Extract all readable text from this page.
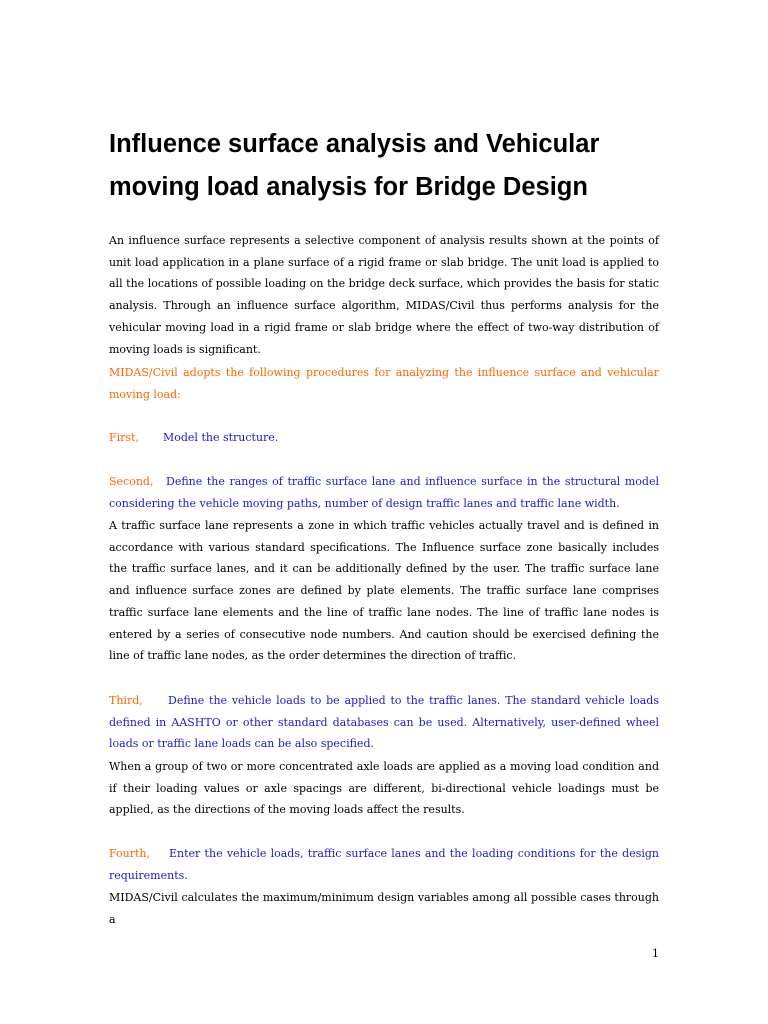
Influence surface analysis and Vehicular moving load analysis for Bridge Design

An influence surface represents a selective component of analysis results shown at the points of unit load application in a plane surface of a rigid frame or slab bridge. The unit load is applied to all the locations of possible loading on the bridge deck surface, which provides the basis for static analysis. Through an influence surface algorithm, MIDAS/Civil thus performs analysis for the vehicular moving load in a rigid frame or slab bridge where the effect of two-way distribution of moving loads is significant.

MIDAS/Civil adopts the following procedures for analyzing the influence surface and vehicular moving load:

First, Model the structure.

Second, Define the ranges of traffic surface lane and influence surface in the structural model considering the vehicle moving paths, number of design traffic lanes and traffic lane width.

A traffic surface lane represents a zone in which traffic vehicles actually travel and is defined in accordance with various standard specifications. The Influence surface zone basically includes the traffic surface lanes, and it can be additionally defined by the user. The traffic surface lane and influence surface zones are defined by plate elements. The traffic surface lane comprises traffic surface lane elements and the line of traffic lane nodes. The line of traffic lane nodes is entered by a series of consecutive node numbers. And caution should be exercised defining the line of traffic lane nodes, as the order determines the direction of traffic.

Third, Define the vehicle loads to be applied to the traffic lanes. The standard vehicle loads defined in AASHTO or other standard databases can be used. Alternatively, user-defined wheel loads or traffic lane loads can be also specified.

When a group of two or more concentrated axle loads are applied as a moving load condition and if their loading values or axle spacings are different, bi-directional vehicle loadings must be applied, as the directions of the moving loads affect the results.

Fourth, Enter the vehicle loads, traffic surface lanes and the loading conditions for the design requirements.

MIDAS/Civil calculates the maximum/minimum design variables among all possible cases through a

1
